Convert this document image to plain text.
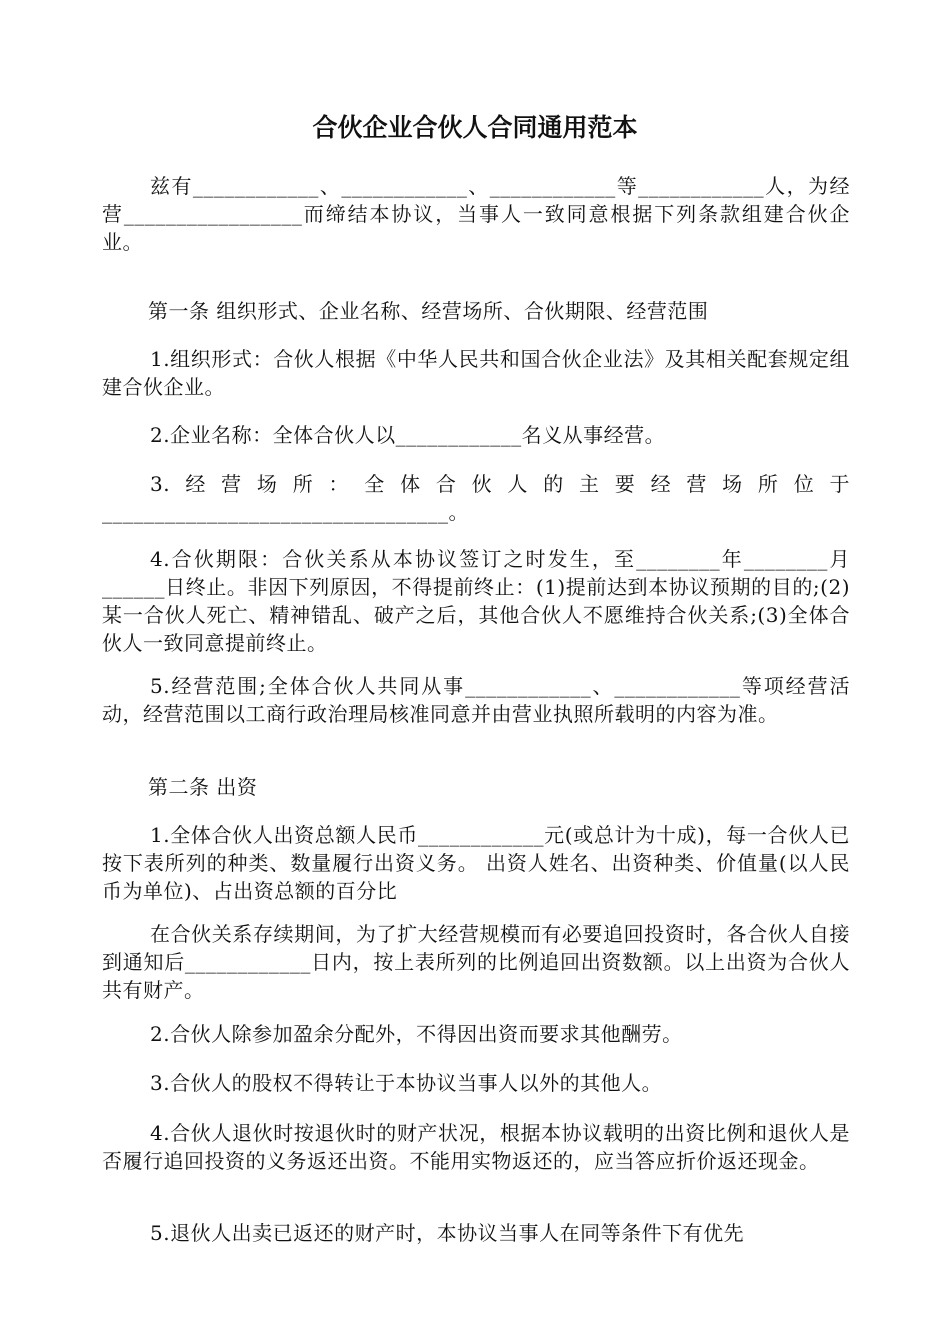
合伙企业合伙人合同通用范本

兹有____________、____________、____________等____________人，为经营_________________而缔结本协议，当事人一致同意根据下列条款组建合伙企业。

第一条 组织形式、企业名称、经营场所、合伙期限、经营范围

1.组织形式：合伙人根据《中华人民共和国合伙企业法》及其相关配套规定组建合伙企业。

2.企业名称：全体合伙人以____________名义从事经营。

3.经营场所：全体合伙人的主要经营场所位于_________________________________。

4.合伙期限：合伙关系从本协议签订之时发生，至________年________月______日终止。非因下列原因，不得提前终止：(1)提前达到本协议预期的目的;(2)某一合伙人死亡、精神错乱、破产之后，其他合伙人不愿维持合伙关系;(3)全体合伙人一致同意提前终止。

5.经营范围;全体合伙人共同从事____________、____________等项经营活动，经营范围以工商行政治理局核准同意并由营业执照所载明的内容为准。

第二条 出资

1.全体合伙人出资总额人民币____________元(或总计为十成)，每一合伙人已按下表所列的种类、数量履行出资义务。 出资人姓名、出资种类、价值量(以人民币为单位)、占出资总额的百分比

在合伙关系存续期间，为了扩大经营规模而有必要追回投资时，各合伙人自接到通知后____________日内，按上表所列的比例追回出资数额。以上出资为合伙人共有财产。

2.合伙人除参加盈余分配外，不得因出资而要求其他酬劳。

3.合伙人的股权不得转让于本协议当事人以外的其他人。

4.合伙人退伙时按退伙时的财产状况，根据本协议载明的出资比例和退伙人是否履行追回投资的义务返还出资。不能用实物返还的，应当答应折价返还现金。

5.退伙人出卖已返还的财产时，本协议当事人在同等条件下有优先
